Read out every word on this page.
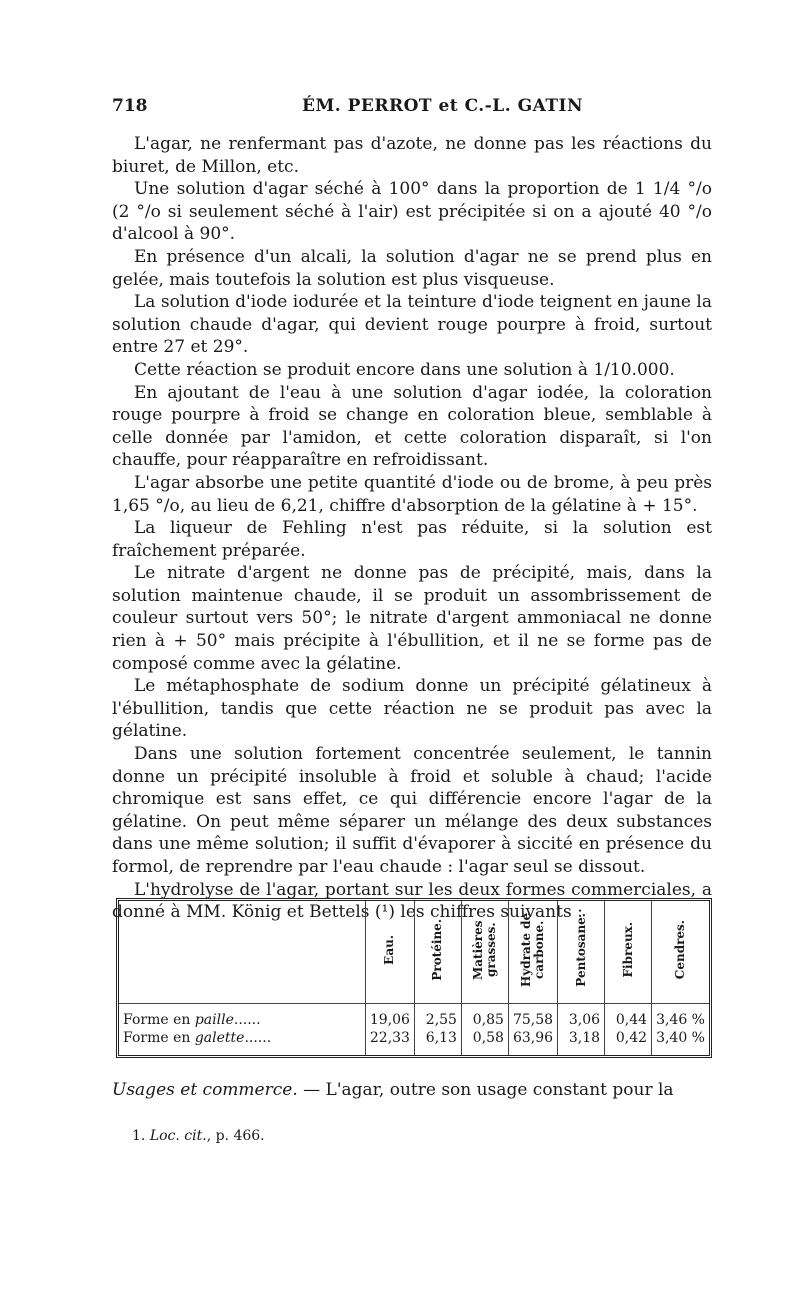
718	ÉM. PERROT et C.-L. GATIN

L'agar, ne renfermant pas d'azote, ne donne pas les réactions du biuret, de Millon, etc.

Une solution d'agar séché à 100° dans la proportion de 1 1/4 °/o (2 °/o si seulement séché à l'air) est précipitée si on a ajouté 40 °/o d'alcool à 90°.

En présence d'un alcali, la solution d'agar ne se prend plus en gelée, mais toutefois la solution est plus visqueuse.

La solution d'iode iodurée et la teinture d'iode teignent en jaune la solution chaude d'agar, qui devient rouge pourpre à froid, surtout entre 27 et 29°.

Cette réaction se produit encore dans une solution à 1/10.000.

En ajoutant de l'eau à une solution d'agar iodée, la coloration rouge pourpre à froid se change en coloration bleue, semblable à celle donnée par l'amidon, et cette coloration disparaît, si l'on chauffe, pour réapparaître en refroidissant.

L'agar absorbe une petite quantité d'iode ou de brome, à peu près 1,65 °/o, au lieu de 6,21, chiffre d'absorption de la gélatine à + 15°.

La liqueur de Fehling n'est pas réduite, si la solution est fraîchement préparée.

Le nitrate d'argent ne donne pas de précipité, mais, dans la solution maintenue chaude, il se produit un assombrissement de couleur surtout vers 50°; le nitrate d'argent ammoniacal ne donne rien à + 50° mais précipite à l'ébullition, et il ne se forme pas de composé comme avec la gélatine.

Le métaphosphate de sodium donne un précipité gélatineux à l'ébullition, tandis que cette réaction ne se produit pas avec la gélatine.

Dans une solution fortement concentrée seulement, le tannin donne un précipité insoluble à froid et soluble à chaud; l'acide chromique est sans effet, ce qui différencie encore l'agar de la gélatine. On peut même séparer un mélange des deux substances dans une même solution; il suffit d'évaporer à siccité en présence du formol, de reprendre par l'eau chaude : l'agar seul se dissout.

L'hydrolyse de l'agar, portant sur les deux formes commerciales, a donné à MM. König et Bettels (¹) les chiffres suivants :

	Eau.	Protéine.	Matières grasses.	Hydrate de carbone.	Pentosane.	Fibreux.	Cendres.
Forme en paille......	19,06	2,55	0,85	75,58	3,06	0,44	3,46 %
Forme en galette......	22,33	6,13	0,58	63,96	3,18	0,42	3,40 %

Usages et commerce. — L'agar, outre son usage constant pour la
1. Loc. cit., p. 466.
